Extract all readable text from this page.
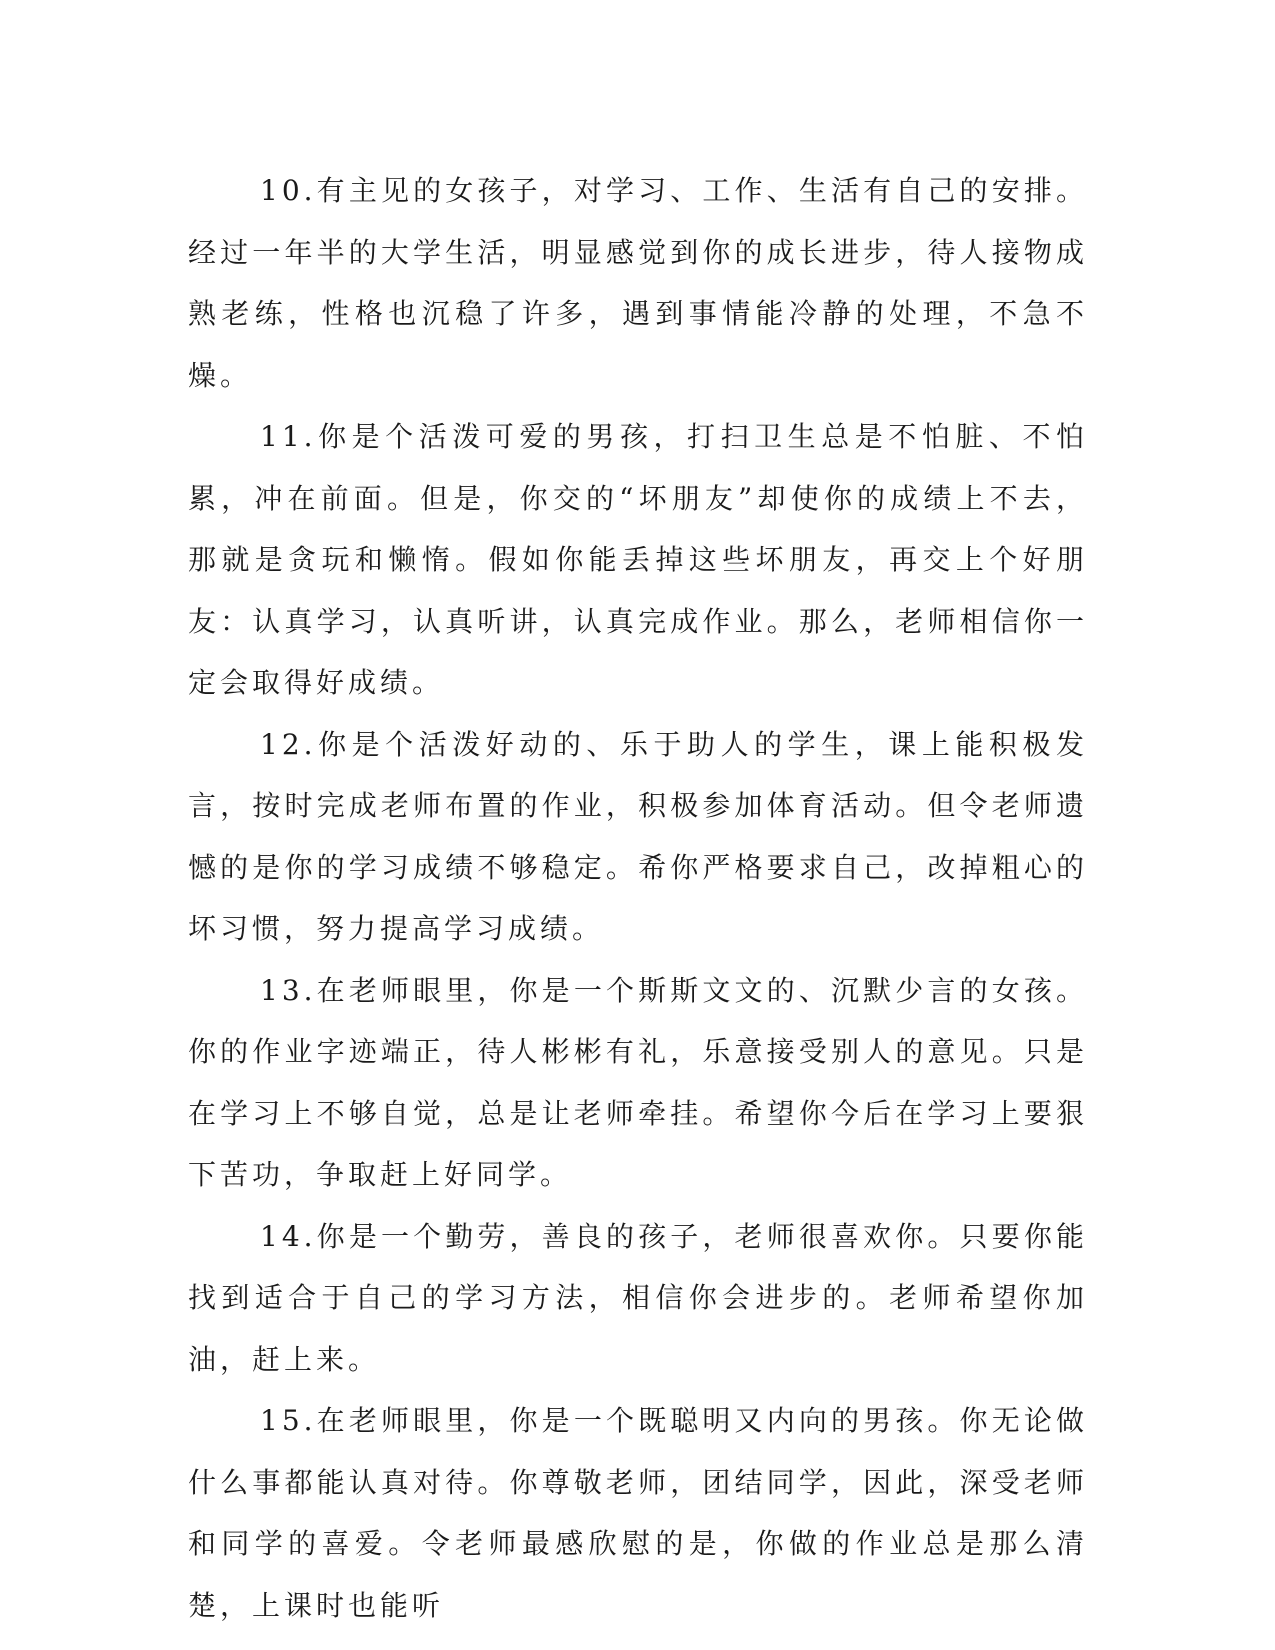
10.有主见的女孩子，对学习、工作、生活有自己的安排。经过一年半的大学生活，明显感觉到你的成长进步，待人接物成熟老练，性格也沉稳了许多，遇到事情能冷静的处理，不急不燥。

11.你是个活泼可爱的男孩，打扫卫生总是不怕脏、不怕累，冲在前面。但是，你交的“坏朋友”却使你的成绩上不去，那就是贪玩和懒惰。假如你能丢掉这些坏朋友，再交上个好朋友：认真学习，认真听讲，认真完成作业。那么，老师相信你一定会取得好成绩。

12.你是个活泼好动的、乐于助人的学生，课上能积极发言，按时完成老师布置的作业，积极参加体育活动。但令老师遗憾的是你的学习成绩不够稳定。希你严格要求自己，改掉粗心的坏习惯，努力提高学习成绩。

13.在老师眼里，你是一个斯斯文文的、沉默少言的女孩。你的作业字迹端正，待人彬彬有礼，乐意接受别人的意见。只是在学习上不够自觉，总是让老师牵挂。希望你今后在学习上要狠下苦功，争取赶上好同学。

14.你是一个勤劳，善良的孩子，老师很喜欢你。只要你能找到适合于自己的学习方法，相信你会进步的。老师希望你加油，赶上来。

15.在老师眼里，你是一个既聪明又内向的男孩。你无论做什么事都能认真对待。你尊敬老师，团结同学，因此，深受老师和同学的喜爱。令老师最感欣慰的是，你做的作业总是那么清楚，上课时也能听
